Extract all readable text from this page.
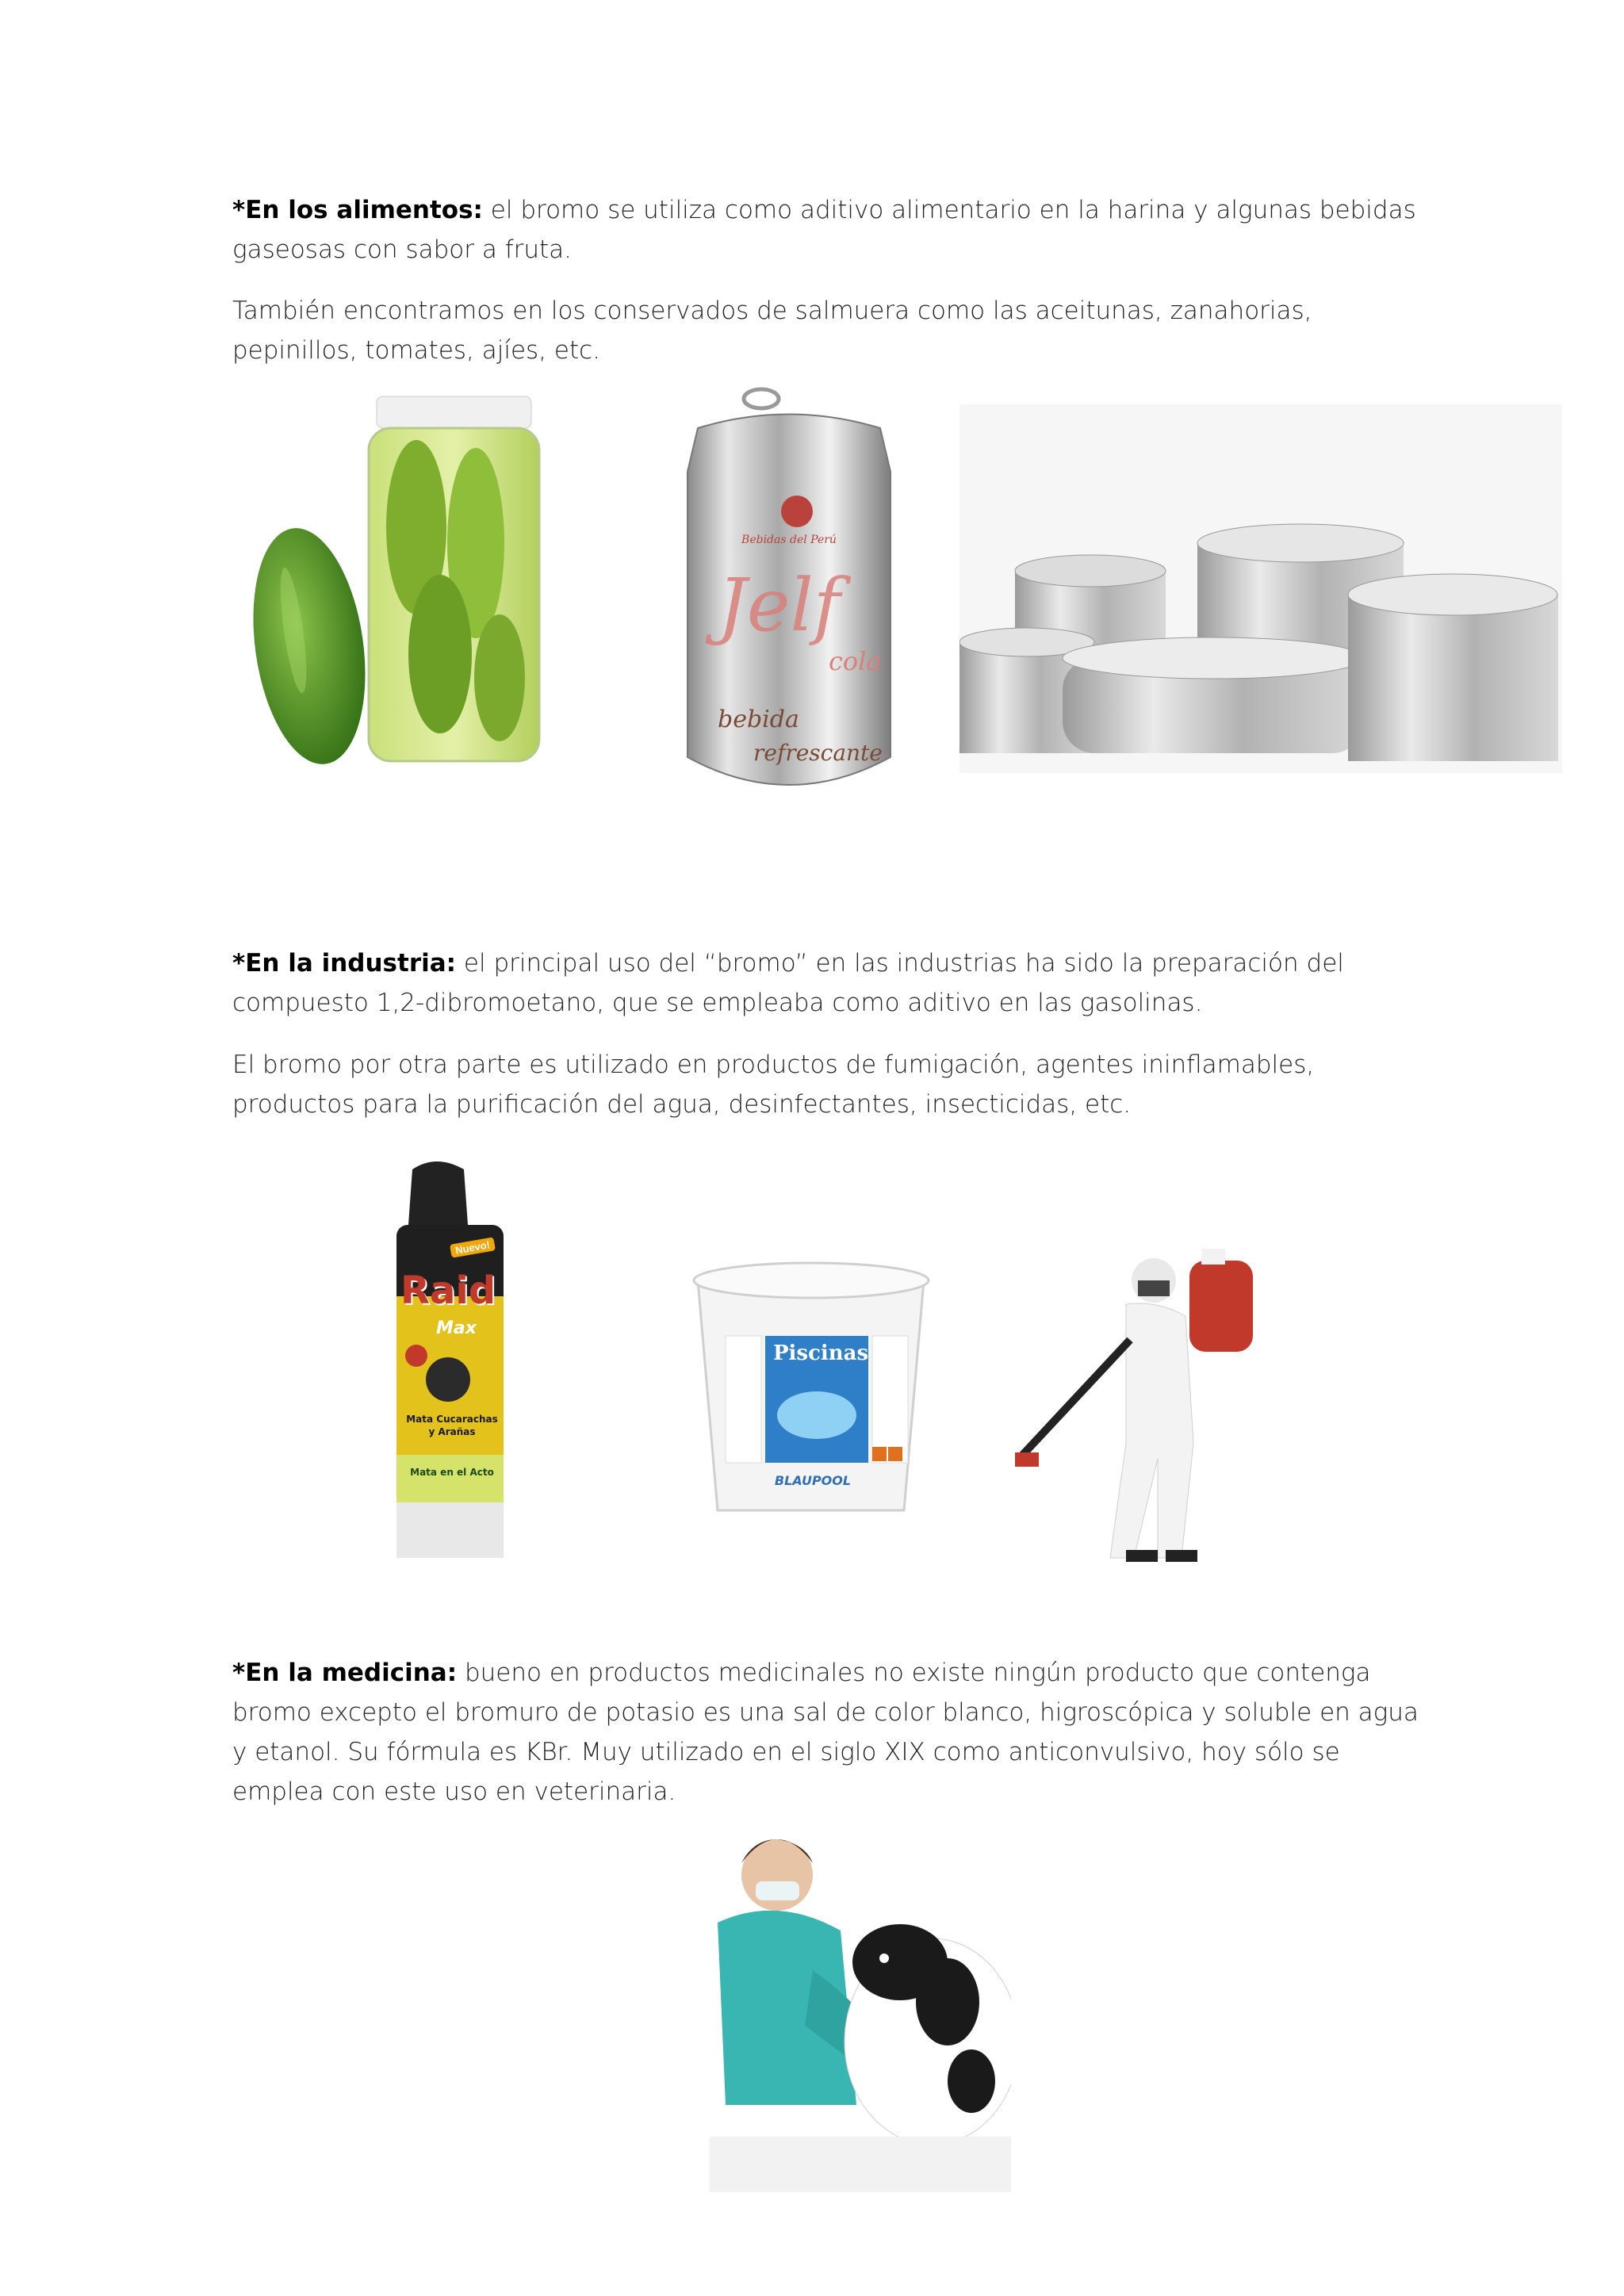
*En los alimentos: el bromo se utiliza como aditivo alimentario en la harina y algunas bebidas gaseosas con sabor a fruta.

También encontramos en los conservados de salmuera como las aceitunas, zanahorias, pepinillos, tomates, ajíes, etc.

Bebidas del Perú
Jelf
cola
bebida
refrescante

*En la industria: el principal uso del “bromo” en las industrias ha sido la preparación del compuesto 1,2-dibromoetano, que se empleaba como aditivo en las gasolinas.

El bromo por otra parte es utilizado en productos de fumigación, agentes ininflamables, productos para la purificación del agua, desinfectantes, insecticidas, etc.

Nuevo!
Raid
Max
Mata Cucarachas
y Arañas
Mata en el Acto
Piscinas
BLAUPOOL

*En la medicina: bueno en productos medicinales no existe ningún producto que contenga bromo excepto el bromuro de potasio es una sal de color blanco, higroscópica y soluble en agua y etanol. Su fórmula es KBr. Muy utilizado en el siglo XIX como anticonvulsivo, hoy sólo se emplea con este uso en veterinaria.
